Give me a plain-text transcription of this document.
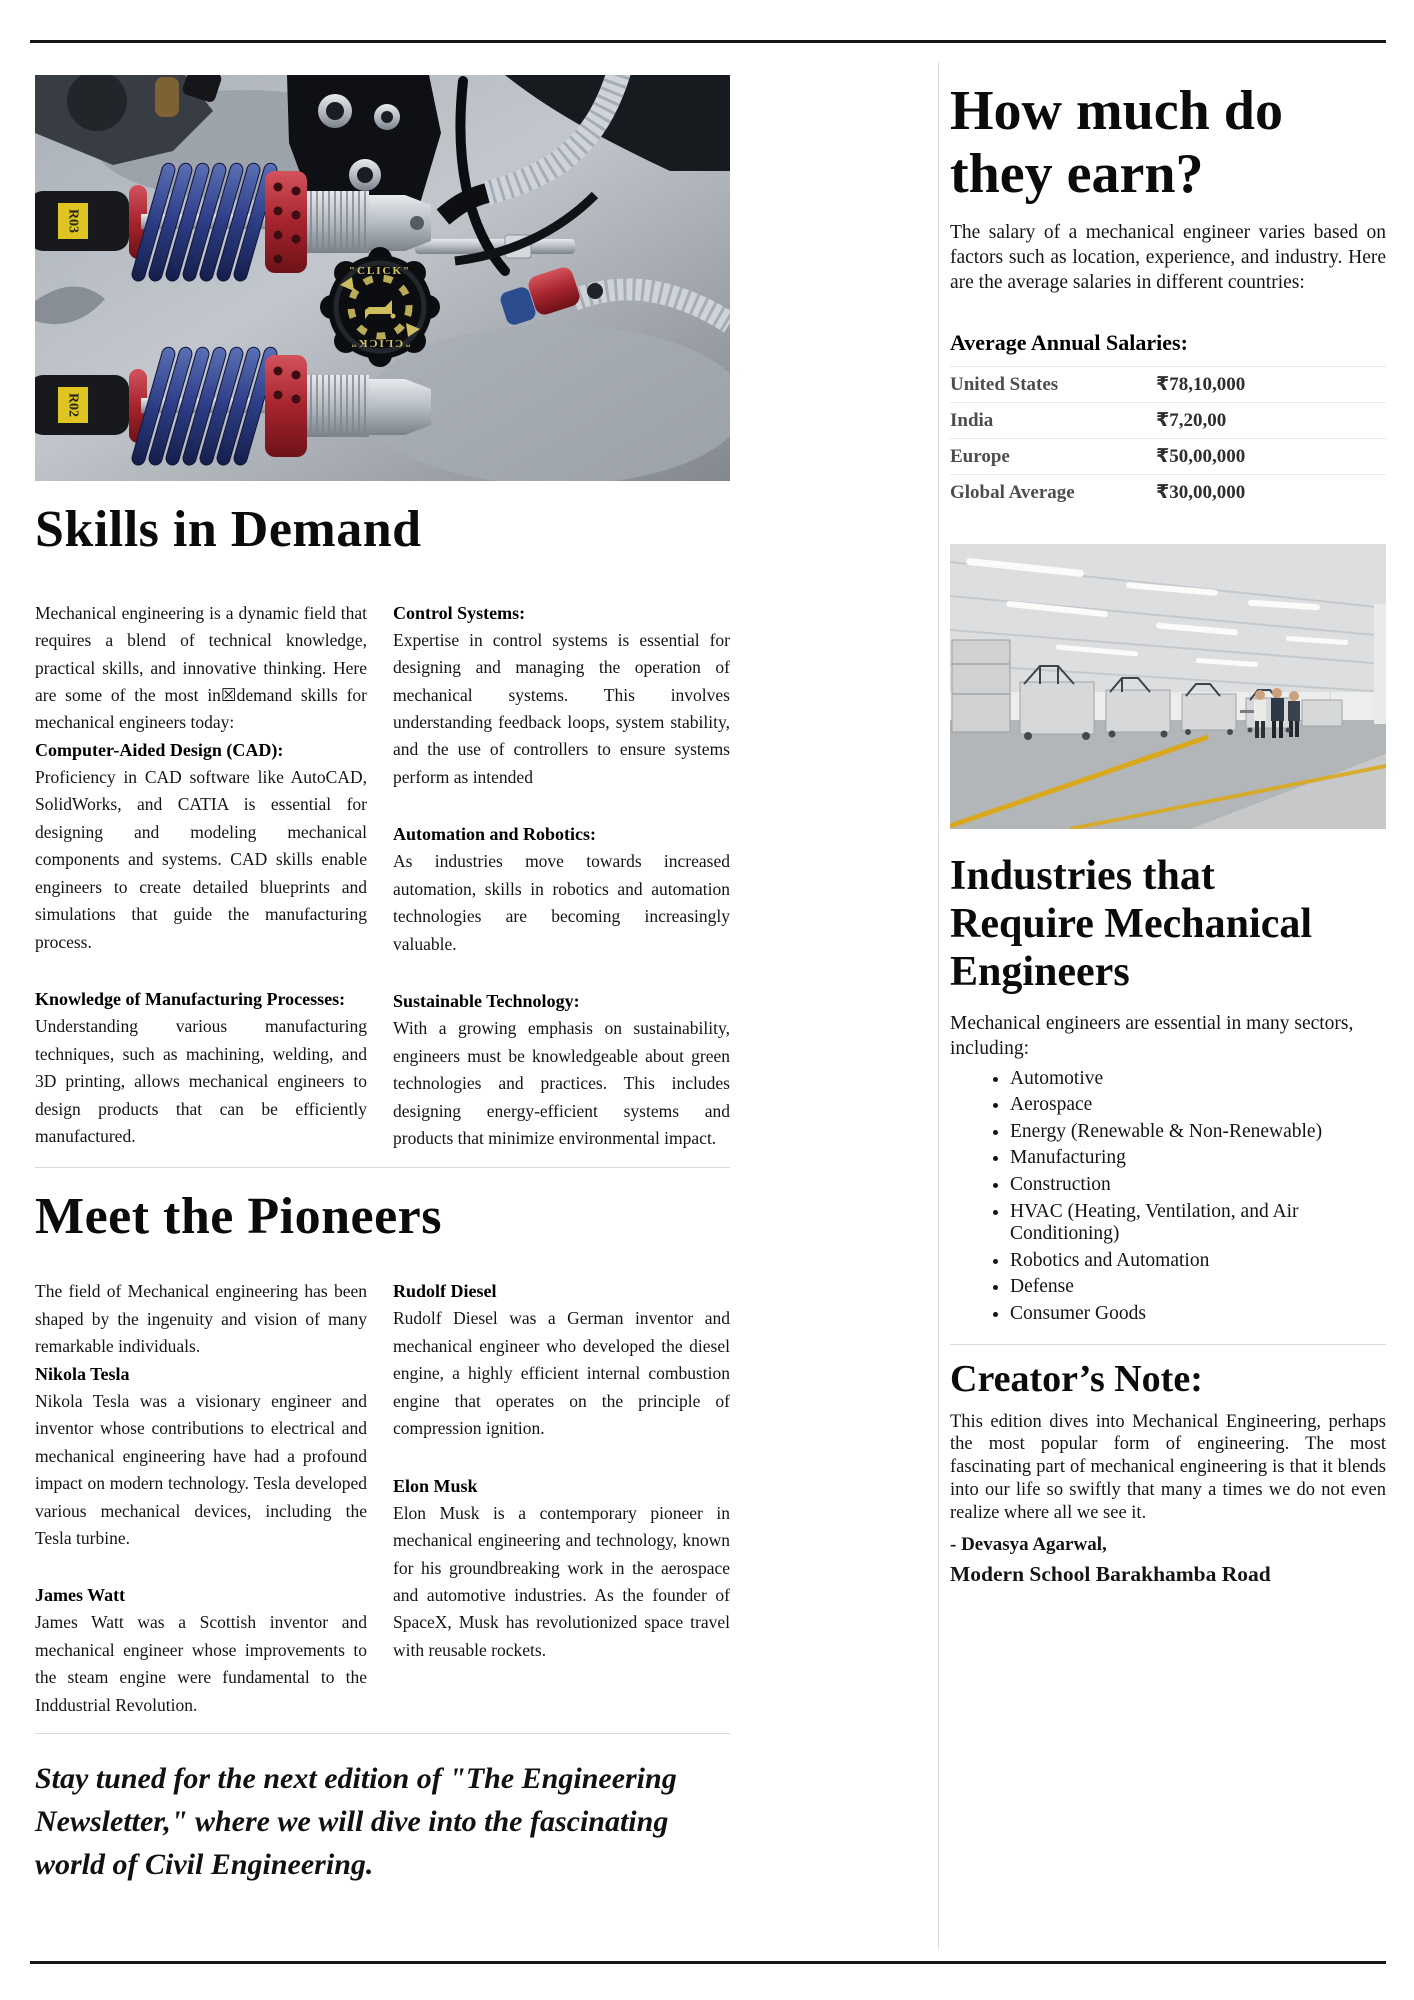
R03
R02
"CLICK"
"CLICK"
Skills in Demand

Mechanical engineering is a dynamic field that requires a blend of technical knowledge, practical skills, and innovative thinking. Here are some of the most in☒demand skills for mechanical engineers today:

Computer-Aided Design (CAD):

Proficiency in CAD software like AutoCAD, SolidWorks, and CATIA is essential for designing and modeling mechanical components and systems. CAD skills enable engineers to create detailed blueprints and simulations that guide the manufacturing process.

Knowledge of Manufacturing Processes:

Understanding various manufacturing techniques, such as machining, welding, and 3D printing, allows mechanical engineers to design products that can be efficiently manufactured.

Control Systems:

Expertise in control systems is essential for designing and managing the operation of mechanical systems. This involves understanding feedback loops, system stability, and the use of controllers to ensure systems perform as intended

Automation and Robotics:

As industries move towards increased automation, skills in robotics and automation technologies are becoming increasingly valuable.

Sustainable Technology:

With a growing emphasis on sustainability, engineers must be knowledgeable about green technologies and practices. This includes designing energy-efficient systems and products that minimize environmental impact.

Meet the Pioneers

The field of Mechanical engineering has been shaped by the ingenuity and vision of many remarkable individuals.

Nikola Tesla

Nikola Tesla was a visionary engineer and inventor whose contributions to electrical and mechanical engineering have had a profound impact on modern technology. Tesla developed various mechanical devices, including the Tesla turbine.

James Watt

James Watt was a Scottish inventor and mechanical engineer whose improvements to the steam engine were fundamental to the Inddustrial Revolution.

Rudolf Diesel

Rudolf Diesel was a German inventor and mechanical engineer who developed the diesel engine, a highly efficient internal combustion engine that operates on the principle of compression ignition.

Elon Musk

Elon Musk is a contemporary pioneer in mechanical engineering and technology, known for his groundbreaking work in the aerospace and automotive industries. As the founder of SpaceX, Musk has revolutionized space travel with reusable rockets.

Stay tuned for the next edition of "The Engineering Newsletter," where we will dive into the fascinating world of Civil Engineering.
How much do
they earn?

The salary of a mechanical engineer varies based on factors such as location, experience, and industry. Here are the average salaries in different countries:

Average Annual Salaries:
United States	₹78,10,000
India	₹7,20,00
Europe	₹50,00,000
Global Average	₹30,00,000
Industries that
Require Mechanical
Engineers

Mechanical engineers are essential in many sectors, including:

• Automotive
• Aerospace
• Energy (Renewable & Non-Renewable)
• Manufacturing
• Construction
• HVAC (Heating, Ventilation, and Air Conditioning)
• Robotics and Automation
• Defense
• Consumer Goods
Creator’s Note:

This edition dives into Mechanical Engineering, perhaps the most popular form of engineering. The most fascinating part of mechanical engineering is that it blends into our life so swiftly that many a times we do not even realize where all we see it.

- Devasya Agarwal,

Modern School Barakhamba Road
